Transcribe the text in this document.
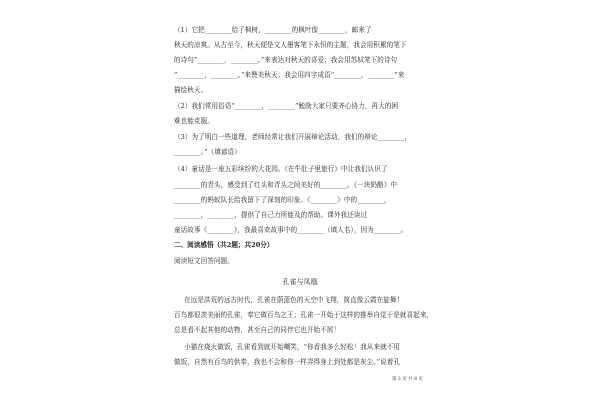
（1）它把________给了枫树，________的枫叶像________，邮来了
秋天的凉爽。从古至今，秋天便是文人墨客笔下永恒的主题，我会用积累的笔下
的诗句“________，________。”来表达对秋天的喜爱；我会用苏轼笔下的诗句
“________，________。”来赞美秋天；我会用四字成语“________，________”来
描绘秋天。
（2）我们常用俗语“________，________”勉励大家只要齐心协力，再大的困
难也能克服。
（3）为了明白一些道理，老师经常让我们开展辩论活动，我们的辩论________，
________。”（填谚语）
（4）童话是一座五彩缤纷的大花园。《在牛肚子里旅行》中让我们认识了
________的青头，感受到了红头和青头之间美好的________。《一块奶酪》中
________的蚂蚁队长给我留下了深刻的印象。《________》中的________，
________，________，提供了自己力所能及的帮助。课外我还读过
童话故事《________》，我最喜欢故事中的________（填人名），因为________。
二、阅读感悟（共2题；共20分）
阅读短文回答问题。
孔雀与凤凰
在远是洪荒的远古时代，孔雀在蔚蓝色的天空中飞翔，简直像云霞在旋舞！
百鸟都很羡美丽的孔雀，奉它做百鸟之王；孔雀一开始于这样的推举自觉于是就喜起来，
总是看不起其他的动物，甚至自己的同伴它也开始不屑！
小猫在烧火做饭，孔雀看到就开始嘲笑，“你看我多么轻松！我从来就不用
做饭，自然有百鸟的供奉，我也不会和你一样弄得身上到处都是灰尘。”说着孔
第 3 页 共 8 页
